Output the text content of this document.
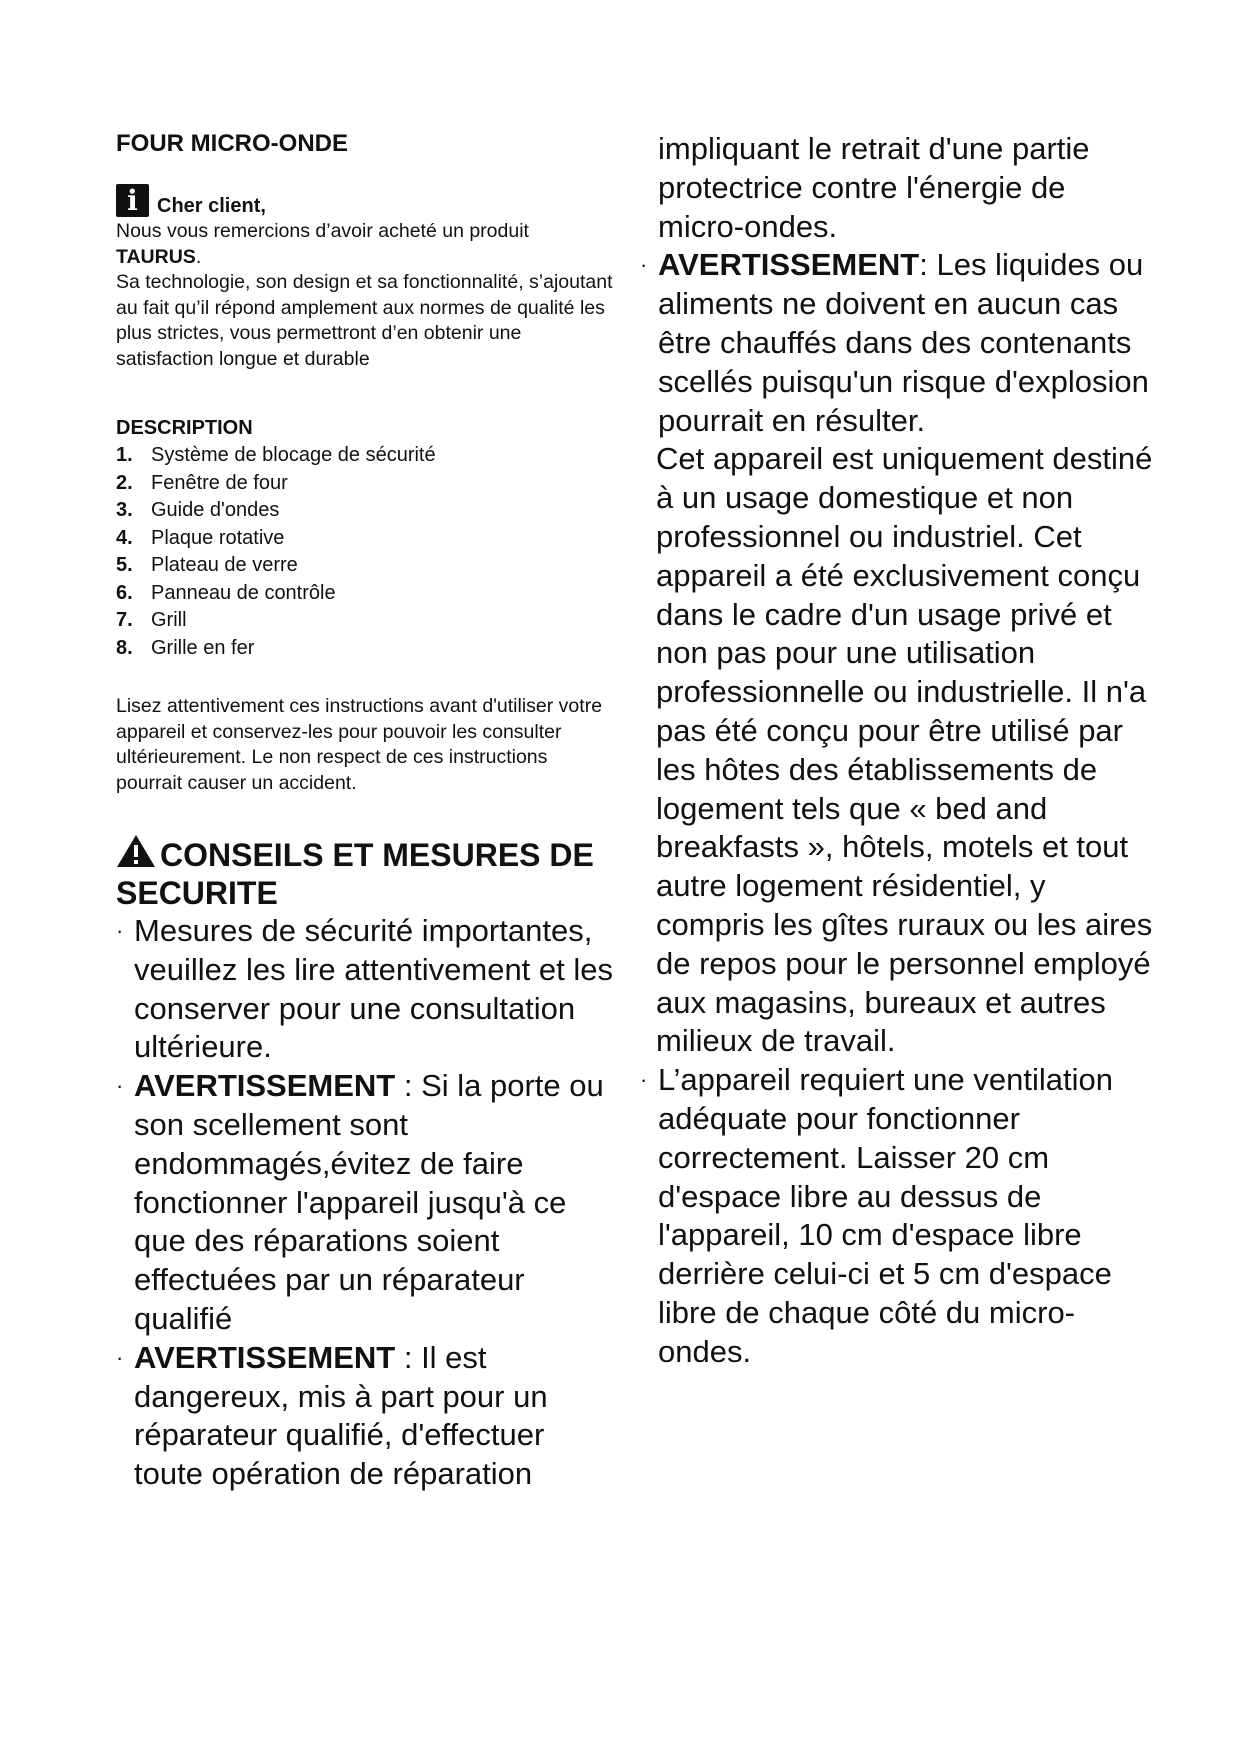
FOUR MICRO-ONDE
i Cher client,

Nous vous remercions d’avoir acheté un produit TAURUS.
Sa technologie, son design et sa fonctionnalité, s’ajoutant au fait qu’il répond amplement aux normes de qualité les plus strictes, vous permettront d’en obtenir une satisfaction longue et durable

DESCRIPTION
1. Système de blocage de sécurité
2. Fenêtre de four
3. Guide d'ondes
4. Plaque rotative
5. Plateau de verre
6. Panneau de contrôle
7. Grill
8. Grille en fer

Lisez attentivement ces instructions avant d'utiliser votre appareil et conservez-les pour pouvoir les consulter ultérieurement. Le non respect de ces instructions pourrait causer un accident.

CONSEILS ET MESURES DE SECURITE
· Mesures de sécurité importantes, veuillez les lire attentivement et les conserver pour une consultation ultérieure.
· AVERTISSEMENT : Si la porte ou son scellement sont endommagés,évitez de faire fonctionner l'appareil jusqu'à ce que des réparations soient effectuées par un réparateur qualifié
· AVERTISSEMENT : Il est dangereux, mis à part pour un réparateur qualifié, d'effectuer toute opération de réparation
impliquant le retrait d'une partie protectrice contre l'énergie de micro-ondes.
· AVERTISSEMENT: Les liquides ou aliments ne doivent en aucun cas être chauffés dans des contenants scellés puisqu'un risque d'explosion pourrait en résulter.
Cet appareil est uniquement destiné à un usage domestique et non professionnel ou industriel. Cet appareil a été exclusivement conçu dans le cadre d'un usage privé et non pas pour une utilisation professionnelle ou industrielle. Il n'a pas été conçu pour être utilisé par les hôtes des établissements de logement tels que « bed and breakfasts », hôtels, motels et tout autre logement résidentiel, y compris les gîtes ruraux ou les aires de repos pour le personnel employé aux magasins, bureaux et autres milieux de travail.
· L’appareil requiert une ventilation adéquate pour fonctionner correctement. Laisser 20 cm d'espace libre au dessus de l'appareil, 10 cm d'espace libre derrière celui-ci et 5 cm d'espace libre de chaque côté du micro-ondes.
